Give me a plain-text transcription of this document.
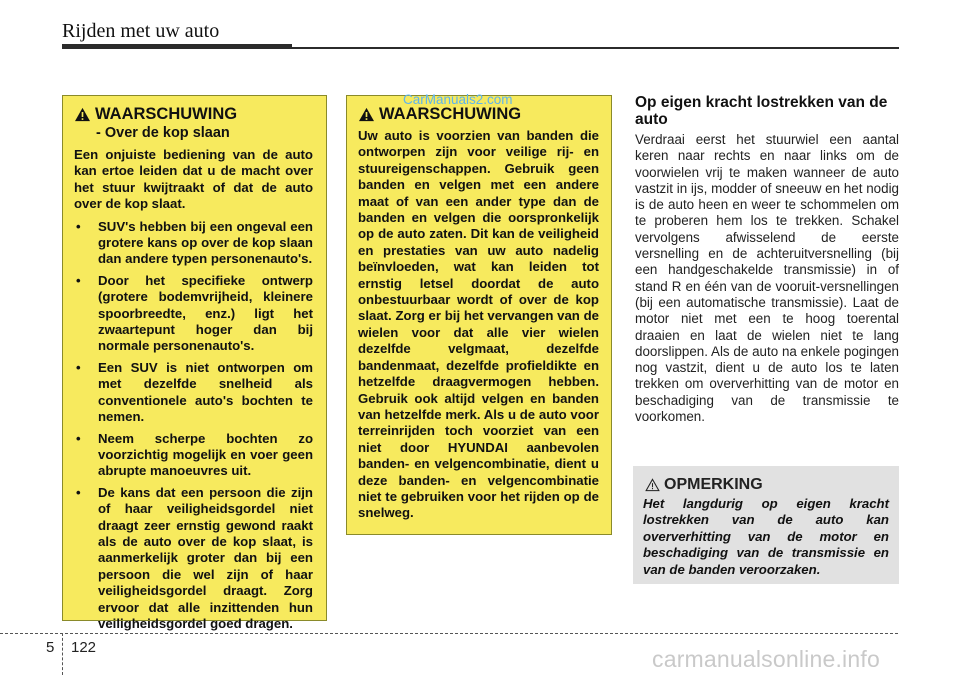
Rijden met uw auto
WAARSCHUWING
- Over de kop slaan

Een onjuiste bediening van de auto kan ertoe leiden dat u de macht over het stuur kwijtraakt of dat de auto over de kop slaat.

• SUV's hebben bij een ongeval een grotere kans op over de kop slaan dan andere typen personenauto's.
• Door het specifieke ontwerp (grotere bodemvrijheid, kleinere spoorbreedte, enz.) ligt het zwaartepunt hoger dan bij normale personenauto's.
• Een SUV is niet ontworpen om met dezelfde snelheid als conventionele auto's bochten te nemen.
• Neem scherpe bochten zo voorzichtig mogelijk en voer geen abrupte manoeuvres uit.
• De kans dat een persoon die zijn of haar veiligheidsgordel niet draagt zeer ernstig gewond raakt als de auto over de kop slaat, is aanmerkelijk groter dan bij een persoon die wel zijn of haar veiligheidsgordel draagt. Zorg ervoor dat alle inzittenden hun veiligheidsgordel goed dragen.
WAARSCHUWING

Uw auto is voorzien van banden die ontworpen zijn voor veilige rij- en stuureigenschappen. Gebruik geen banden en velgen met een andere maat of van een ander type dan de banden en velgen die oorspronkelijk op de auto zaten. Dit kan de veiligheid en prestaties van uw auto nadelig beïnvloeden, wat kan leiden tot ernstig letsel doordat de auto onbestuurbaar wordt of over de kop slaat. Zorg er bij het vervangen van de wielen voor dat alle vier wielen dezelfde velgmaat, dezelfde bandenmaat, dezelfde profieldikte en hetzelfde draagvermogen hebben. Gebruik ook altijd velgen en banden van hetzelfde merk. Als u de auto voor terreinrijden toch voorziet van een niet door HYUNDAI aanbevolen banden- en velgencombinatie, dient u deze banden- en velgencombinatie niet te gebruiken voor het rijden op de snelweg.

CarManuals2.com	Op eigen kracht lostrekken van de auto
Verdraai eerst het stuurwiel een aantal keren naar rechts en naar links om de voorwielen vrij te maken wanneer de auto vastzit in ijs, modder of sneeuw en het nodig is de auto heen en weer te schommelen om te proberen hem los te trekken. Schakel vervolgens afwisselend de eerste versnelling en de achteruitversnelling (bij een handgeschakelde transmissie) in of stand R en één van de vooruit-versnellingen (bij een automatische transmissie). Laat de motor niet met een te hoog toerental draaien en laat de wielen niet te lang doorslippen. Als de auto na enkele pogingen nog vastzit, dient u de auto los te laten trekken om oververhitting van de motor en beschadiging van de transmissie te voorkomen.
OPMERKING
Het langdurig op eigen kracht lostrekken van de auto kan oververhitting van de motor en beschadiging van de transmissie en van de banden veroorzaken.
5 122	carmanualsonline.info
